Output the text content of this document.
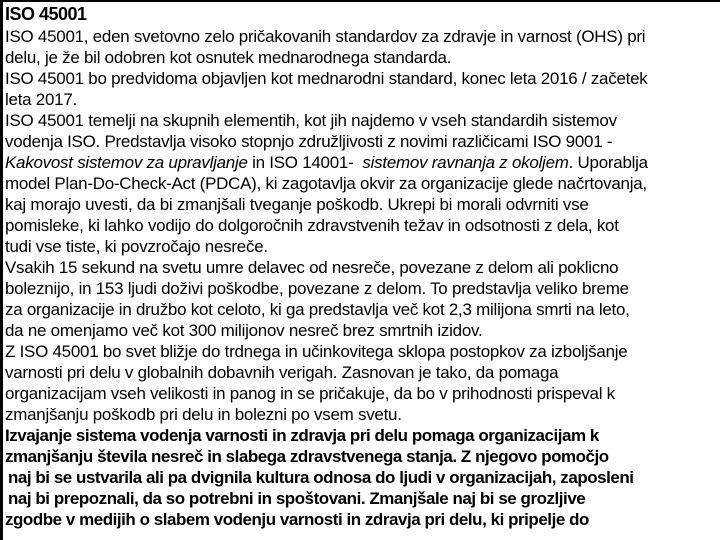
ISO 45001
ISO 45001, eden svetovno zelo pričakovanih standardov za zdravje in varnost (OHS) pri
delu, je že bil odobren kot osnutek mednarodnega standarda.
ISO 45001 bo predvidoma objavljen kot mednarodni standard, konec leta 2016 / začetek
leta 2017.
ISO 45001 temelji na skupnih elementih, kot jih najdemo v vseh standardih sistemov
vodenja ISO. Predstavlja visoko stopnjo združljivosti z novimi različicami ISO 9001 -
Kakovost sistemov za upravljanje in ISO 14001-  sistemov ravnanja z okoljem. Uporablja
model Plan-Do-Check-Act (PDCA), ki zagotavlja okvir za organizacije glede načrtovanja,
kaj morajo uvesti, da bi zmanjšali tveganje poškodb. Ukrepi bi morali odvrniti vse
pomisleke, ki lahko vodijo do dolgoročnih zdravstvenih težav in odsotnosti z dela, kot
tudi vse tiste, ki povzročajo nesreče.
Vsakih 15 sekund na svetu umre delavec od nesreče, povezane z delom ali poklicno
boleznijo, in 153 ljudi doživi poškodbe, povezane z delom. To predstavlja veliko breme
za organizacije in družbo kot celoto, ki ga predstavlja več kot 2,3 milijona smrti na leto,
da ne omenjamo več kot 300 milijonov nesreč brez smrtnih izidov.
Z ISO 45001 bo svet bližje do trdnega in učinkovitega sklopa postopkov za izboljšanje
varnosti pri delu v globalnih dobavnih verigah. Zasnovan je tako, da pomaga
organizacijam vseh velikosti in panog in se pričakuje, da bo v prihodnosti prispeval k
zmanjšanju poškodb pri delu in bolezni po vsem svetu.
Izvajanje sistema vodenja varnosti in zdravja pri delu pomaga organizacijam k
zmanjšanju števila nesreč in slabega zdravstvenega stanja. Z njegovo pomočjo
naj bi se ustvarila ali pa dvignila kultura odnosa do ljudi v organizacijah, zaposleni
naj bi prepoznali, da so potrebni in spoštovani. Zmanjšale naj bi se grozljive
zgodbe v medijih o slabem vodenju varnosti in zdravja pri delu, ki pripelje do
